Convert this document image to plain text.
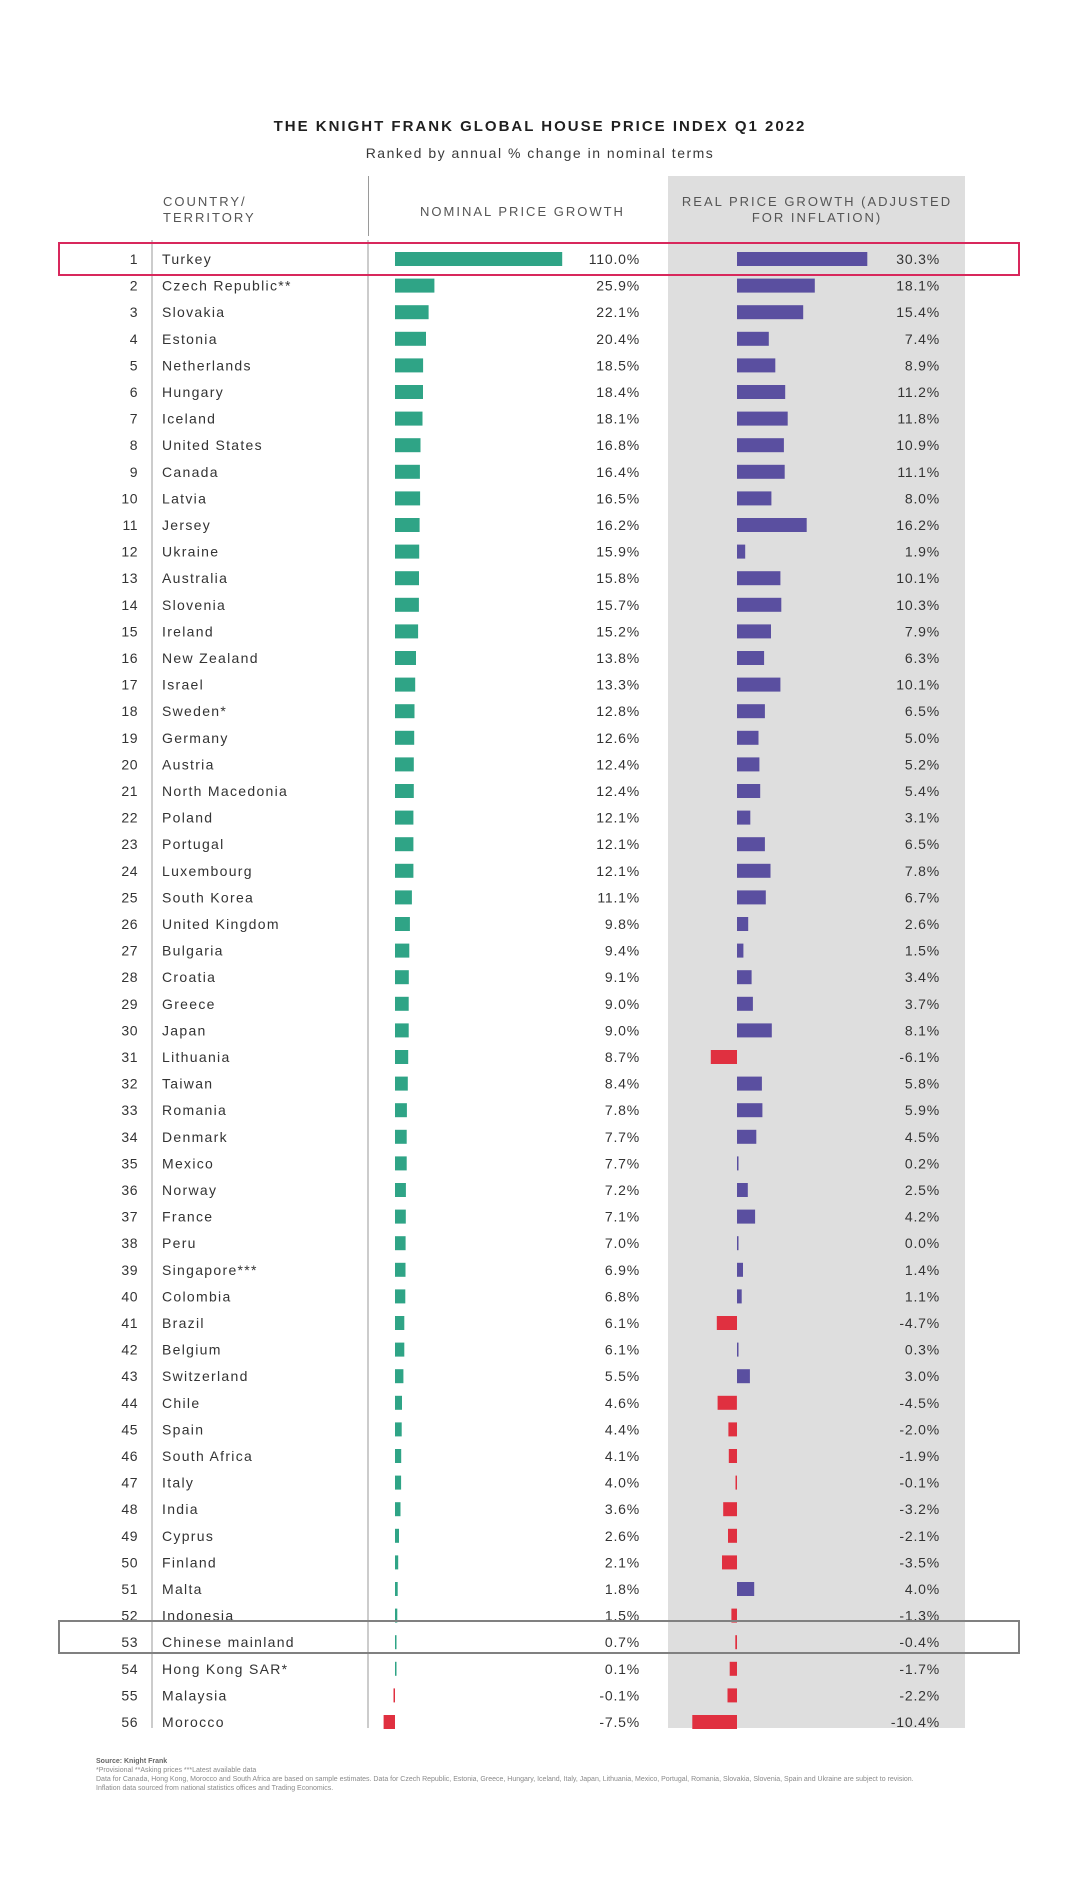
THE KNIGHT FRANK GLOBAL HOUSE PRICE INDEX Q1 2022
Ranked by annual % change in nominal terms
COUNTRY/ TERRITORY	NOMINAL PRICE GROWTH
REAL PRICE GROWTH (ADJUSTED FOR INFLATION)
1 Turkey	110.0%	30.3%
2 Czech Republic**	25.9%	18.1%
3 Slovakia	22.1%	15.4%
4 Estonia	20.4%	7.4%
5 Netherlands	18.5%	8.9%
6 Hungary	18.4%	11.2%
7 Iceland	18.1%	11.8%
8 United States	16.8%	10.9%
9 Canada	16.4%	11.1%
10 Latvia	16.5%	8.0%
11 Jersey	16.2%	16.2%
12 Ukraine	15.9%	1.9%
13 Australia	15.8%	10.1%
14 Slovenia	15.7%	10.3%
15 Ireland	15.2%	7.9%
16 New Zealand	13.8%	6.3%
17 Israel	13.3%	10.1%
18 Sweden*	12.8%	6.5%
19 Germany	12.6%	5.0%
20 Austria	12.4%	5.2%
21 North Macedonia	12.4%	5.4%
22 Poland	12.1%	3.1%
23 Portugal	12.1%	6.5%
24 Luxembourg	12.1%	7.8%
25 South Korea	11.1%	6.7%
26 United Kingdom	9.8%	2.6%
27 Bulgaria	9.4%	1.5%
28 Croatia	9.1%	3.4%
29 Greece	9.0%	3.7%
30 Japan	9.0%	8.1%
31 Lithuania	8.7%	-6.1%
32 Taiwan	8.4%	5.8%
33 Romania	7.8%	5.9%
34 Denmark	7.7%	4.5%
35 Mexico	7.7%	0.2%
36 Norway	7.2%	2.5%
37 France	7.1%	4.2%
38 Peru	7.0%	0.0%
39 Singapore***	6.9%	1.4%
40 Colombia	6.8%	1.1%
41 Brazil	6.1%	-4.7%
42 Belgium	6.1%	0.3%
43 Switzerland	5.5%	3.0%
44 Chile	4.6%	-4.5%
45 Spain	4.4%	-2.0%
46 South Africa	4.1%	-1.9%
47 Italy	4.0%	-0.1%
48 India	3.6%	-3.2%
49 Cyprus	2.6%	-2.1%
50 Finland	2.1%	-3.5%
51 Malta	1.8%	4.0%
52 Indonesia	1.5%	-1.3%
53 Chinese mainland	0.7%	-0.4%
54 Hong Kong SAR*	0.1%	-1.7%
55 Malaysia	-0.1%	-2.2%
56 Morocco	-7.5%	-10.4%
Source: Knight Frank
*Provisional **Asking prices ***Latest available data
Data for Canada, Hong Kong, Morocco and South Africa are based on sample estimates. Data for Czech Republic, Estonia, Greece, Hungary, Iceland, Italy, Japan, Lithuania, Mexico, Portugal, Romania, Slovakia, Slovenia, Spain and Ukraine are subject to revision.
Inflation data sourced from national statistics offices and Trading Economics.
